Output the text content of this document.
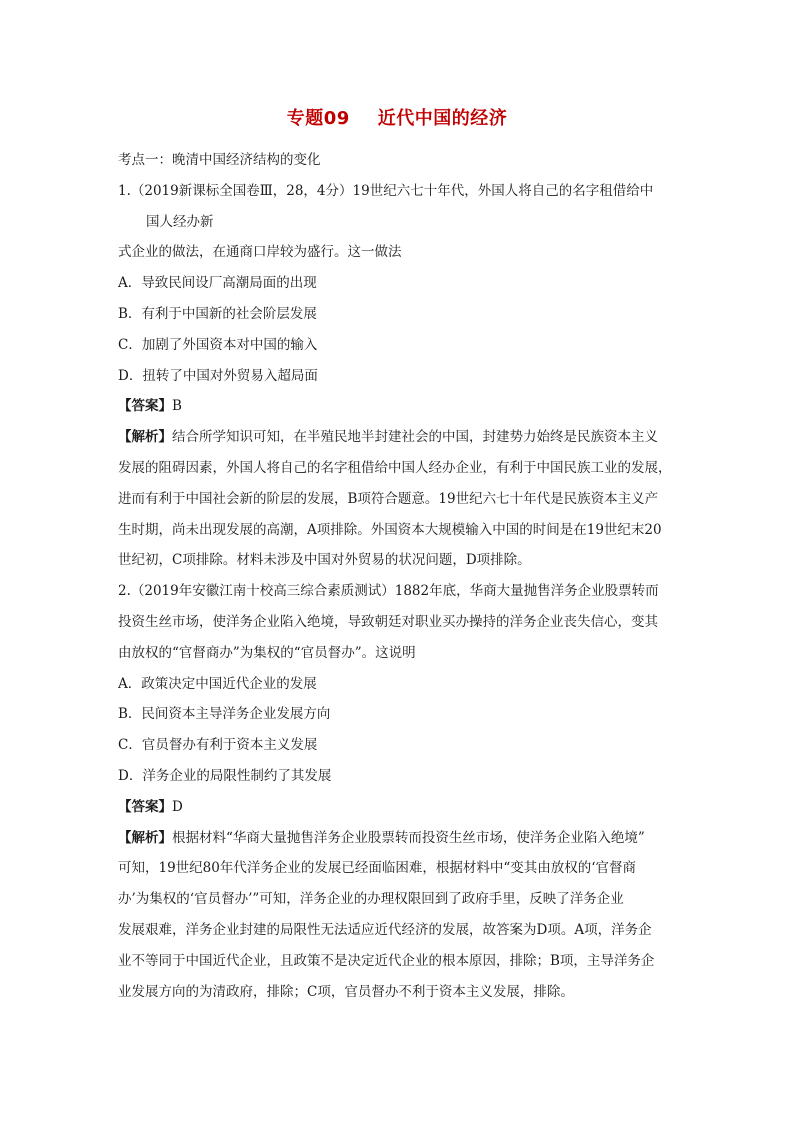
专题09 近代中国的经济
考点一：晚清中国经济结构的变化
1.（2019新课标全国卷Ⅲ，28，4分）19世纪六七十年代，外国人将自己的名字租借给中
国人经办新
式企业的做法，在通商口岸较为盛行。这一做法
A．导致民间设厂高潮局面的出现
B．有利于中国新的社会阶层发展
C．加剧了外国资本对中国的输入
D．扭转了中国对外贸易入超局面
【答案】B
【解析】结合所学知识可知，在半殖民地半封建社会的中国，封建势力始终是民族资本主义
发展的阻碍因素，外国人将自己的名字租借给中国人经办企业，有利于中国民族工业的发展，
进而有利于中国社会新的阶层的发展，B项符合题意。19世纪六七十年代是民族资本主义产
生时期，尚未出现发展的高潮，A项排除。外国资本大规模输入中国的时间是在19世纪末20
世纪初，C项排除。材料未涉及中国对外贸易的状况问题，D项排除。
2.（2019年安徽江南十校高三综合素质测试）1882年底，华商大量抛售洋务企业股票转而
投资生丝市场，使洋务企业陷入绝境，导致朝廷对职业买办操持的洋务企业丧失信心，变其
由放权的“官督商办”为集权的“官员督办”。这说明
A．政策决定中国近代企业的发展
B．民间资本主导洋务企业发展方向
C．官员督办有利于资本主义发展
D．洋务企业的局限性制约了其发展
【答案】D
【解析】根据材料“华商大量抛售洋务企业股票转而投资生丝市场，使洋务企业陷入绝境”
可知，19世纪80年代洋务企业的发展已经面临困难，根据材料中“变其由放权的‘官督商
办’为集权的‘官员督办’”可知，洋务企业的办理权限回到了政府手里，反映了洋务企业
发展艰难，洋务企业封建的局限性无法适应近代经济的发展，故答案为D项。A项，洋务企
业不等同于中国近代企业，且政策不是决定近代企业的根本原因，排除；B项，主导洋务企
业发展方向的为清政府，排除；C项，官员督办不利于资本主义发展，排除。
